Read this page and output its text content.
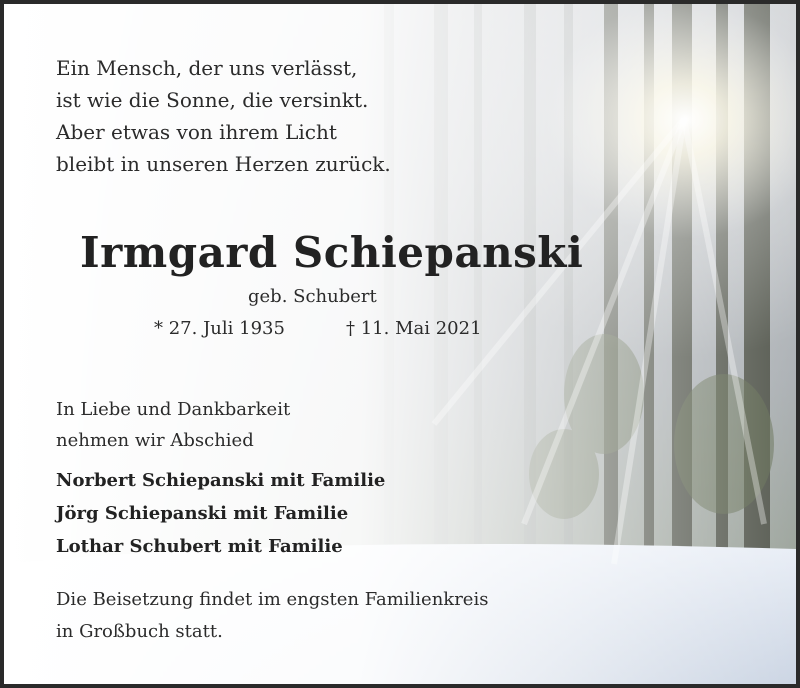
Ein Mensch, der uns verlässt,
ist wie die Sonne, die versinkt.
Aber etwas von ihrem Licht
bleibt in unseren Herzen zurück.
Irmgard Schiepanski
geb. Schubert
* 27. Juli 1935	† 11. Mai 2021
In Liebe und Dankbarkeit
nehmen wir Abschied
Norbert Schiepanski mit Familie
Jörg Schiepanski mit Familie
Lothar Schubert mit Familie
Die Beisetzung findet im engsten Familienkreis
in Großbuch statt.
